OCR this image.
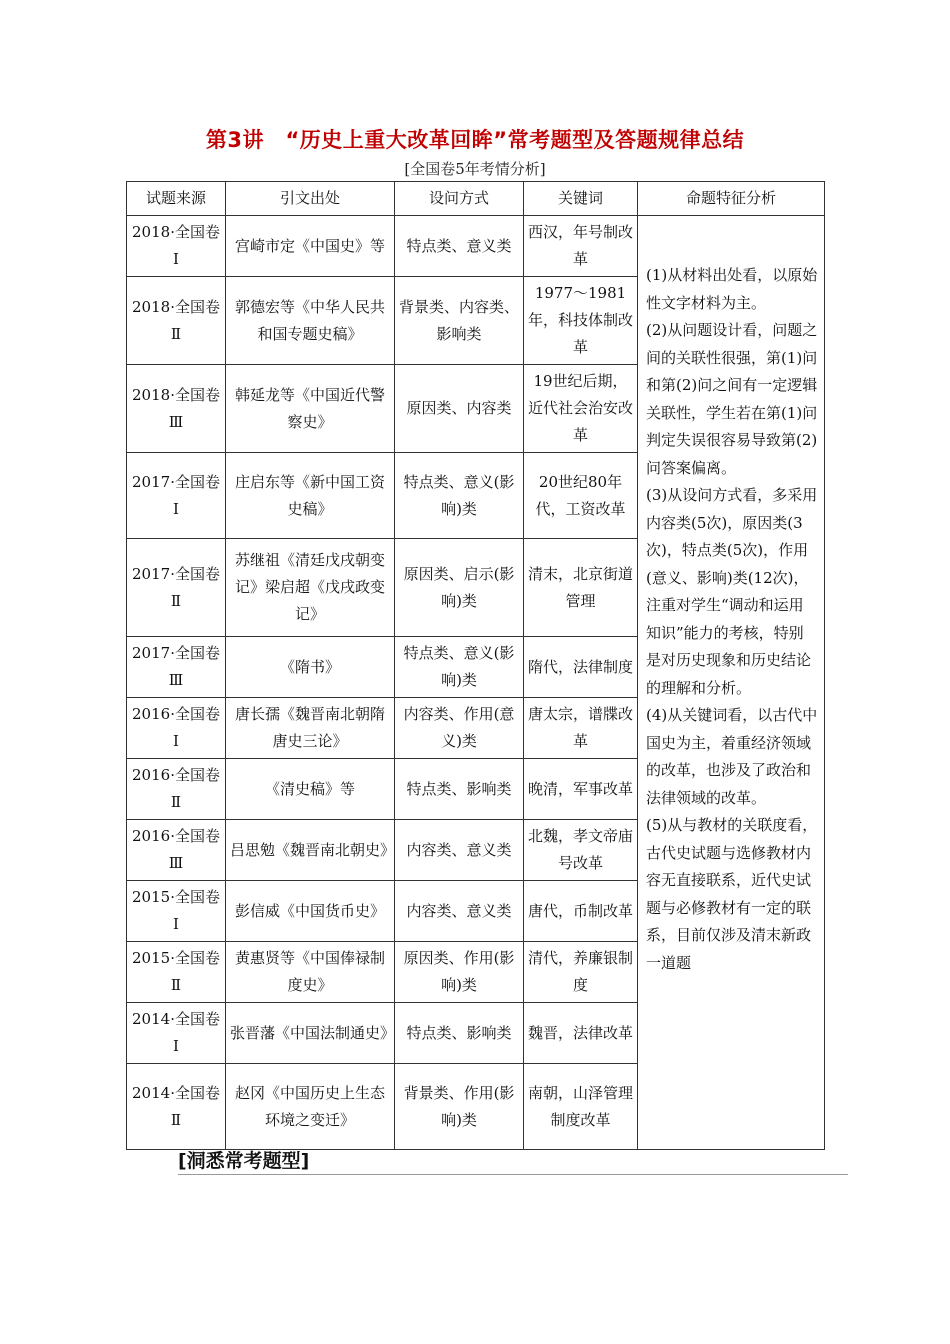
第3讲　“历史上重大改革回眸”常考题型及答题规律总结
[全国卷5年考情分析]
试题来源	引文出处	设问方式	关键词	命题特征分析
2018·全国卷Ⅰ	宫崎市定《中国史》等	特点类、意义类	西汉，年号制改革	(1)从材料出处看，以原始性文字材料为主。

(2)从问题设计看，问题之间的关联性很强，第(1)问和第(2)问之间有一定逻辑关联性，学生若在第(1)问判定失误很容易导致第(2)问答案偏离。

(3)从设问方式看，多采用内容类(5次)，原因类(3次)，特点类(5次)，作用(意义、影响)类(12次)，注重对学生“调动和运用知识”能力的考核，特别是对历史现象和历史结论的理解和分析。

(4)从关键词看，以古代中国史为主，着重经济领域的改革，也涉及了政治和法律领域的改革。

(5)从与教材的关联度看，古代史试题与选修教材内容无直接联系，近代史试题与必修教材有一定的联系，目前仅涉及清末新政一道题

2018·全国卷Ⅱ	郭德宏等《中华人民共和国专题史稿》	背景类、内容类、影响类	1977～1981年，科技体制改革	
2018·全国卷Ⅲ	韩延龙等《中国近代警察史》	原因类、内容类	19世纪后期，近代社会治安改革	
2017·全国卷Ⅰ	庄启东等《新中国工资史稿》	特点类、意义(影响)类	20世纪80年代，工资改革	
2017·全国卷Ⅱ	苏继祖《清廷戊戌朝变记》梁启超《戊戌政变记》	原因类、启示(影响)类	清末，北京街道管理	
2017·全国卷Ⅲ	《隋书》	特点类、意义(影响)类	隋代，法律制度	
2016·全国卷Ⅰ	唐长孺《魏晋南北朝隋唐史三论》	内容类、作用(意义)类	唐太宗，谱牒改革	
2016·全国卷Ⅱ	《清史稿》等	特点类、影响类	晚清，军事改革	
2016·全国卷Ⅲ	吕思勉《魏晋南北朝史》	内容类、意义类	北魏，孝文帝庙号改革	
2015·全国卷Ⅰ	彭信威《中国货币史》	内容类、意义类	唐代，币制改革	
2015·全国卷Ⅱ	黄惠贤等《中国俸禄制度史》	原因类、作用(影响)类	清代，养廉银制度	
2014·全国卷Ⅰ	张晋藩《中国法制通史》	特点类、影响类	魏晋，法律改革	
2014·全国卷Ⅱ	赵冈《中国历史上生态环境之变迁》	背景类、作用(影响)类	南朝，山泽管理制度改革	
[洞悉常考题型]
